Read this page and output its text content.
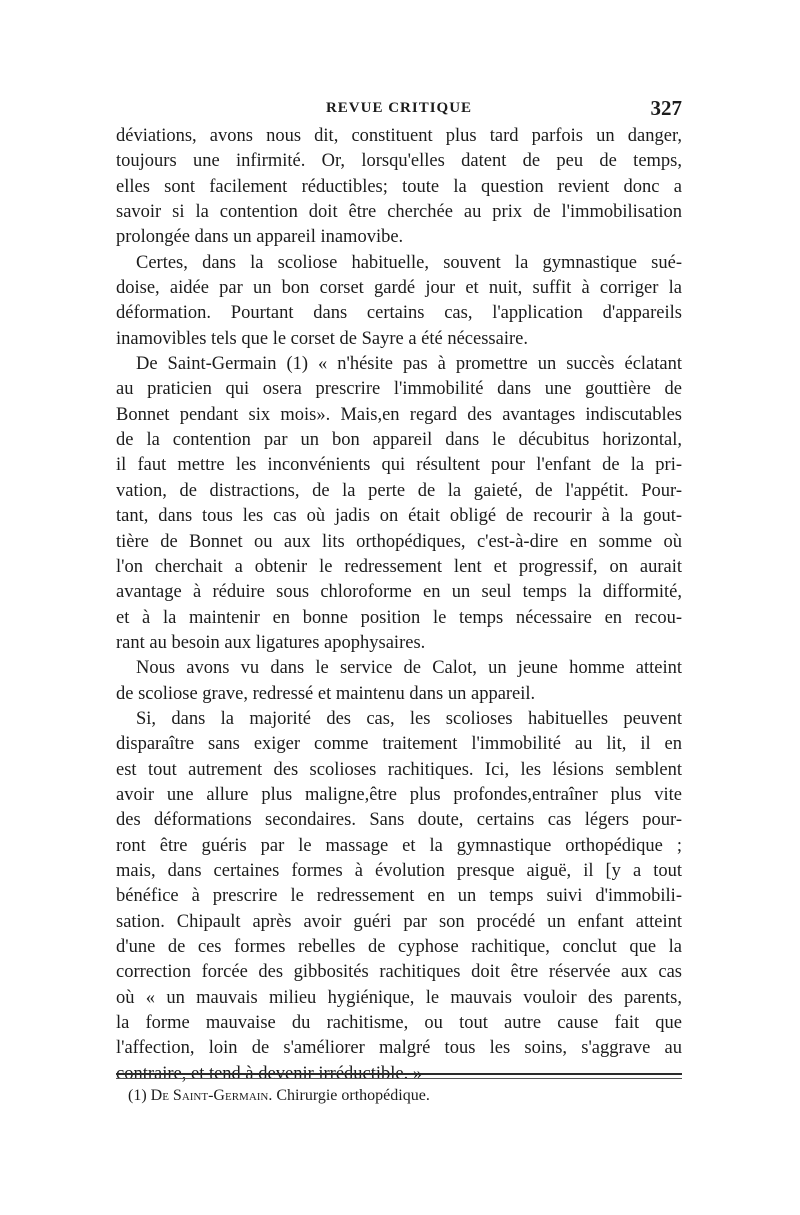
REVUE CRITIQUE	327
déviations, avons nous dit, constituent plus tard parfois un danger,
toujours une infirmité. Or, lorsqu'elles datent de peu de temps,
elles sont facilement réductibles; toute la question revient donc a
savoir si la contention doit être cherchée au prix de l'immobilisation
prolongée dans un appareil inamovibe.
Certes, dans la scoliose habituelle, souvent la gymnastique sué-
doise, aidée par un bon corset gardé jour et nuit, suffit à corriger la
déformation. Pourtant dans certains cas, l'application d'appareils
inamovibles tels que le corset de Sayre a été nécessaire.
De Saint-Germain (1) « n'hésite pas à promettre un succès éclatant
au praticien qui osera prescrire l'immobilité dans une gouttière de
Bonnet pendant six mois». Mais,en regard des avantages indiscutables
de la contention par un bon appareil dans le décubitus horizontal,
il faut mettre les inconvénients qui résultent pour l'enfant de la pri-
vation, de distractions, de la perte de la gaieté, de l'appétit. Pour-
tant, dans tous les cas où jadis on était obligé de recourir à la gout-
tière de Bonnet ou aux lits orthopédiques, c'est-à-dire en somme où
l'on cherchait a obtenir le redressement lent et progressif, on aurait
avantage à réduire sous chloroforme en un seul temps la difformité,
et à la maintenir en bonne position le temps nécessaire en recou-
rant au besoin aux ligatures apophysaires.
Nous avons vu dans le service de Calot, un jeune homme atteint
de scoliose grave, redressé et maintenu dans un appareil.
Si, dans la majorité des cas, les scolioses habituelles peuvent
disparaître sans exiger comme traitement l'immobilité au lit, il en
est tout autrement des scolioses rachitiques. Ici, les lésions semblent
avoir une allure plus maligne,être plus profondes,entraîner plus vite
des déformations secondaires. Sans doute, certains cas légers pour-
ront être guéris par le massage et la gymnastique orthopédique ;
mais, dans certaines formes à évolution presque aiguë, il [y a tout
bénéfice à prescrire le redressement en un temps suivi d'immobili-
sation. Chipault après avoir guéri par son procédé un enfant atteint
d'une de ces formes rebelles de cyphose rachitique, conclut que la
correction forcée des gibbosités rachitiques doit être réservée aux cas
où « un mauvais milieu hygiénique, le mauvais vouloir des parents,
la forme mauvaise du rachitisme, ou tout autre cause fait que
l'affection, loin de s'améliorer malgré tous les soins, s'aggrave au
contraire, et tend à devenir irréductible. »
(1) De Saint-Germain. Chirurgie orthopédique.
